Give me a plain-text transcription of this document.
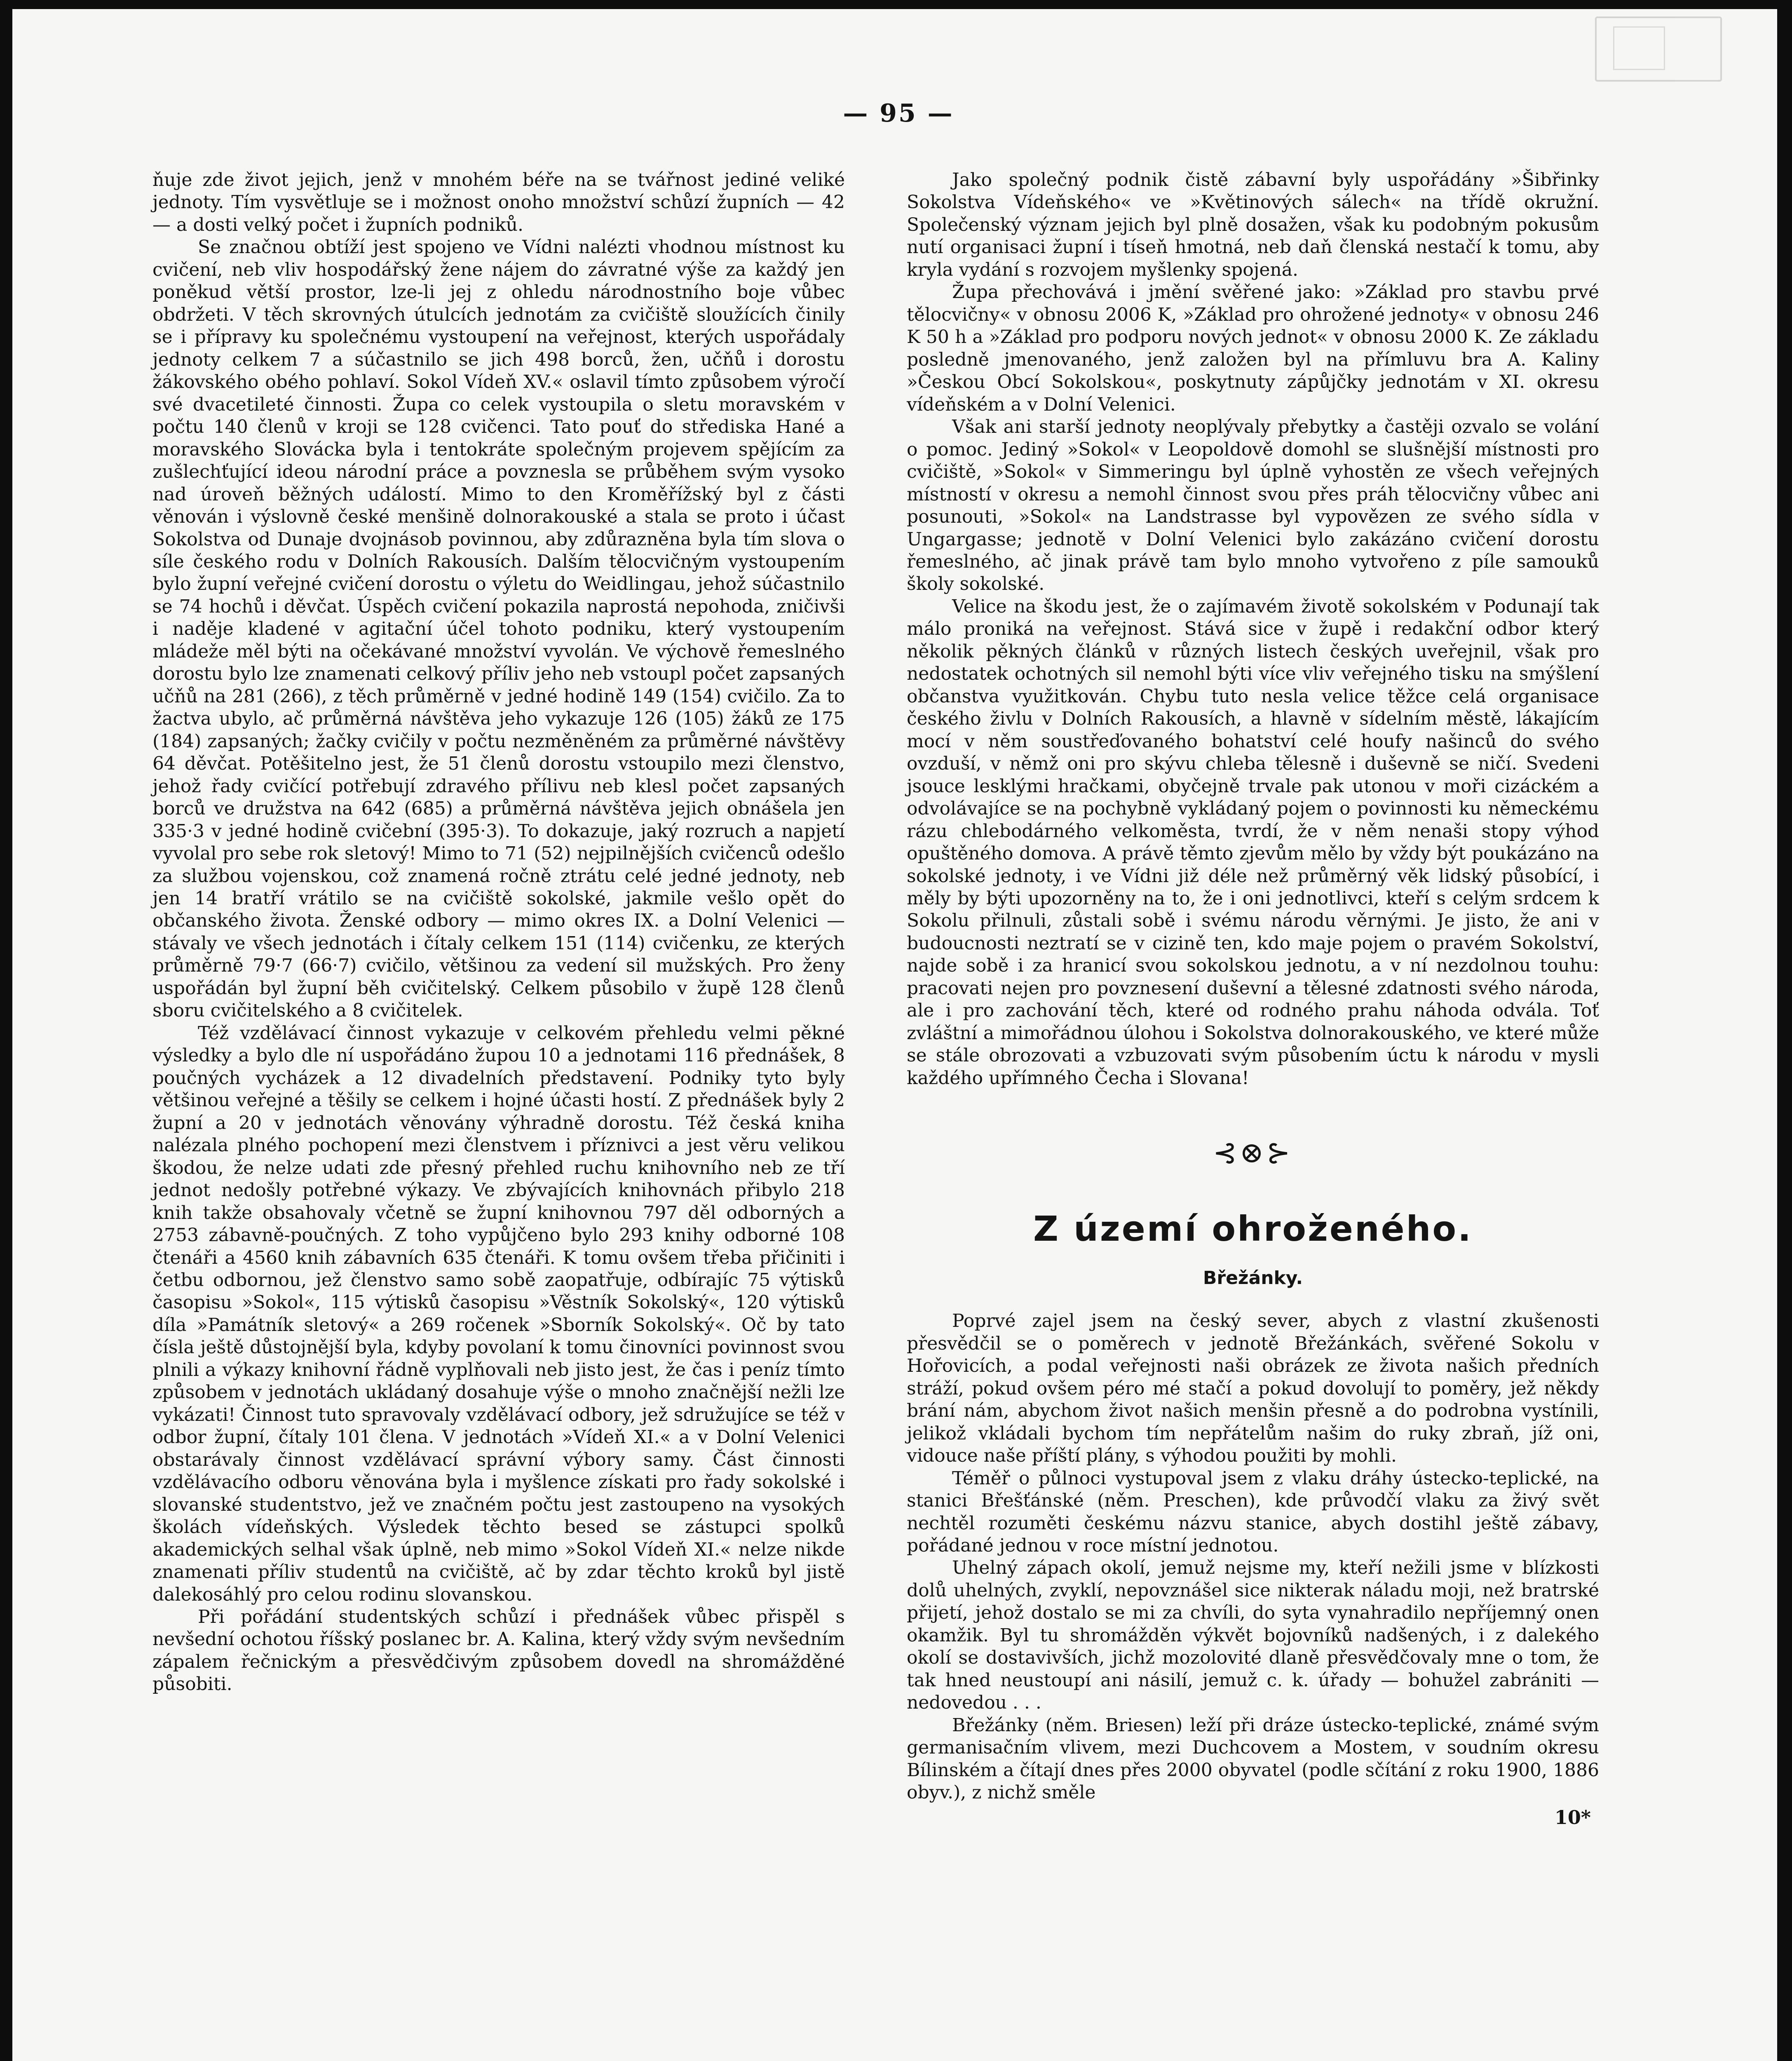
— 95 —

ňuje zde život jejich, jenž v mnohém béře na se tvářnost jediné veliké jednoty. Tím vysvětluje se i možnost onoho množství schůzí župních — 42 — a dosti velký počet i župních podniků.

Se značnou obtíží jest spojeno ve Vídni nalézti vhodnou místnost ku cvičení, neb vliv hospodářský žene nájem do závratné výše za každý jen poněkud větší prostor, lze-li jej z ohledu národnostního boje vůbec obdržeti. V těch skrovných útulcích jednotám za cvičiště sloužících činily se i přípravy ku společnému vystoupení na veřejnost, kterých uspořádaly jednoty celkem 7 a súčastnilo se jich 498 borců, žen, učňů i dorostu žákovského obého pohlaví. Sokol Vídeň XV.« oslavil tímto způsobem výročí své dvacetileté činnosti. Župa co celek vystoupila o sletu moravském v počtu 140 členů v kroji se 128 cvičenci. Tato pouť do střediska Hané a moravského Slovácka byla i tentokráte společným projevem spějícím za zušlechťující ideou národní práce a povznesla se průběhem svým vysoko nad úroveň běžných událostí. Mimo to den Kroměřížský byl z části věnován i výslovně české menšině dolnorakouské a stala se proto i účast Sokolstva od Dunaje dvojnásob povinnou, aby zdůrazněna byla tím slova o síle českého rodu v Dolních Rakousích. Dalším tělocvičným vystoupením bylo župní veřejné cvičení dorostu o výletu do Weidlingau, jehož súčastnilo se 74 hochů i děvčat. Úspěch cvičení pokazila naprostá nepohoda, zničivši i naděje kladené v agitační účel tohoto podniku, který vystoupením mládeže měl býti na očekávané množství vyvolán. Ve výchově řemeslného dorostu bylo lze znamenati celkový příliv jeho neb vstoupl počet zapsaných učňů na 281 (266), z těch průměrně v jedné hodině 149 (154) cvičilo. Za to žactva ubylo, ač průměrná návštěva jeho vykazuje 126 (105) žáků ze 175 (184) zapsaných; žačky cvičily v počtu nezměněném za průměrné návštěvy 64 děvčat. Potěšitelno jest, že 51 členů dorostu vstoupilo mezi členstvo, jehož řady cvičící potřebují zdravého přílivu neb klesl počet zapsaných borců ve družstva na 642 (685) a průměrná návštěva jejich obnášela jen 335·3 v jedné hodině cvičební (395·3). To dokazuje, jaký rozruch a napjetí vyvolal pro sebe rok sletový! Mimo to 71 (52) nejpilnějších cvičenců odešlo za službou vojenskou, což znamená ročně ztrátu celé jedné jednoty, neb jen 14 bratří vrátilo se na cvičiště sokolské, jakmile vešlo opět do občanského života. Ženské odbory — mimo okres IX. a Dolní Velenici — stávaly ve všech jednotách i čítaly celkem 151 (114) cvičenku, ze kterých průměrně 79·7 (66·7) cvičilo, většinou za vedení sil mužských. Pro ženy uspořádán byl župní běh cvičitelský. Celkem působilo v župě 128 členů sboru cvičitelského a 8 cvičitelek.

Též vzdělávací činnost vykazuje v celkovém přehledu velmi pěkné výsledky a bylo dle ní uspořádáno župou 10 a jednotami 116 přednášek, 8 poučných vycházek a 12 divadelních představení. Podniky tyto byly většinou veřejné a těšily se celkem i hojné účasti hostí. Z přednášek byly 2 župní a 20 v jednotách věnovány výhradně dorostu. Též česká kniha nalézala plného pochopení mezi členstvem i příznivci a jest věru velikou škodou, že nelze udati zde přesný přehled ruchu knihovního neb ze tří jednot nedošly potřebné výkazy. Ve zbývajících knihovnách přibylo 218 knih takže obsahovaly včetně se župní knihovnou 797 děl odborných a 2753 zábavně-poučných. Z toho vypůjčeno bylo 293 knihy odborné 108 čtenáři a 4560 knih zábavních 635 čtenáři. K tomu ovšem třeba přičiniti i četbu odbornou, jež členstvo samo sobě zaopatřuje, odbírajíc 75 výtisků časopisu »Sokol«, 115 výtisků časopisu »Věstník Sokolský«, 120 výtisků díla »Památník sletový« a 269 ročenek »Sborník Sokolský«. Oč by tato čísla ještě důstojnější byla, kdyby povolaní k tomu činovníci povinnost svou plnili a výkazy knihovní řádně vyplňovali neb jisto jest, že čas i peníz tímto způsobem v jednotách ukládaný dosahuje výše o mnoho značnější nežli lze vykázati! Činnost tuto spravovaly vzdělávací odbory, jež sdružujíce se též v odbor župní, čítaly 101 člena. V jednotách »Vídeň XI.« a v Dolní Velenici obstarávaly činnost vzdělávací správní výbory samy. Část činnosti vzdělávacího odboru věnována byla i myšlence získati pro řady sokolské i slovanské studentstvo, jež ve značném počtu jest zastoupeno na vysokých školách vídeňských. Výsledek těchto besed se zástupci spolků akademických selhal však úplně, neb mimo »Sokol Vídeň XI.« nelze nikde znamenati příliv studentů na cvičiště, ač by zdar těchto kroků byl jistě dalekosáhlý pro celou rodinu slovanskou.

Při pořádání studentských schůzí i přednášek vůbec přispěl s nevšední ochotou říšský poslanec br. A. Kalina, který vždy svým nevšedním zápalem řečnickým a přesvědčivým způsobem dovedl na shromážděné působiti.

Jako společný podnik čistě zábavní byly uspořádány »Šibřinky Sokolstva Vídeňského« ve »Květinových sálech« na třídě okružní. Společenský význam jejich byl plně dosažen, však ku podobným pokusům nutí organisaci župní i tíseň hmotná, neb daň členská nestačí k tomu, aby kryla vydání s rozvojem myšlenky spojená.

Župa přechovává i jmění svěřené jako: »Základ pro stavbu prvé tělocvičny« v obnosu 2006 K, »Základ pro ohrožené jednoty« v obnosu 246 K 50 h a »Základ pro podporu nových jednot« v obnosu 2000 K. Ze základu posledně jmenovaného, jenž založen byl na přímluvu bra A. Kaliny »Českou Obcí Sokolskou«, poskytnuty zápůjčky jednotám v XI. okresu vídeňském a v Dolní Velenici.

Však ani starší jednoty neoplývaly přebytky a častěji ozvalo se volání o pomoc. Jediný »Sokol« v Leopoldově domohl se slušnější místnosti pro cvičiště, »Sokol« v Simmeringu byl úplně vyhostěn ze všech veřejných místností v okresu a nemohl činnost svou přes práh tělocvičny vůbec ani posunouti, »Sokol« na Landstrasse byl vypovězen ze svého sídla v Ungargasse; jednotě v Dolní Velenici bylo zakázáno cvičení dorostu řemeslného, ač jinak právě tam bylo mnoho vytvořeno z píle samouků školy sokolské.

Velice na škodu jest, že o zajímavém životě sokolském v Podunají tak málo proniká na veřejnost. Stává sice v župě i redakční odbor který několik pěkných článků v různých listech českých uveřejnil, však pro nedostatek ochotných sil nemohl býti více vliv veřejného tisku na smýšlení občanstva využitkován. Chybu tuto nesla velice těžce celá organisace českého živlu v Dolních Rakousích, a hlavně v sídelním městě, lákajícím mocí v něm soustřeďovaného bohatství celé houfy našinců do svého ovzduší, v němž oni pro skývu chleba tělesně i duševně se ničí. Svedeni jsouce lesklými hračkami, obyčejně trvale pak utonou v moři cizáckém a odvolávajíce se na pochybně vykládaný pojem o povinnosti ku německému rázu chlebodárného velkoměsta, tvrdí, že v něm nenaši stopy výhod opuštěného domova. A právě těmto zjevům mělo by vždy být poukázáno na sokolské jednoty, i ve Vídni již déle než průměrný věk lidský působící, i měly by býti upozorněny na to, že i oni jednotlivci, kteří s celým srdcem k Sokolu přilnuli, zůstali sobě i svému národu věrnými. Je jisto, že ani v budoucnosti neztratí se v cizině ten, kdo maje pojem o pravém Sokolství, najde sobě i za hranicí svou sokolskou jednotu, a v ní nezdolnou touhu: pracovati nejen pro povznesení duševní a tělesné zdatnosti svého národa, ale i pro zachování těch, které od rodného prahu náhoda odvála. Toť zvláštní a mimořádnou úlohou i Sokolstva dolnorakouského, ve které může se stále obrozovati a vzbuzovati svým působením úctu k národu v mysli každého upřímného Čecha i Slovana!

⊰⊗⊱
Z území ohroženého.
Břežánky.

Poprvé zajel jsem na český sever, abych z vlastní zkušenosti přesvědčil se o poměrech v jednotě Břežánkách, svěřené Sokolu v Hořovicích, a podal veřejnosti naši obrázek ze života našich předních stráží, pokud ovšem péro mé stačí a pokud dovolují to poměry, jež někdy brání nám, abychom život našich menšin přesně a do podrobna vystínili, jelikož vkládali bychom tím nepřátelům našim do ruky zbraň, jíž oni, vidouce naše příští plány, s výhodou použiti by mohli.

Téměř o půlnoci vystupoval jsem z vlaku dráhy ústecko-teplické, na stanici Břešťánské (něm. Preschen), kde průvodčí vlaku za živý svět nechtěl rozuměti českému názvu stanice, abych dostihl ještě zábavy, pořádané jednou v roce místní jednotou.

Uhelný zápach okolí, jemuž nejsme my, kteří nežili jsme v blízkosti dolů uhelných, zvyklí, nepovznášel sice nikterak náladu moji, než bratrské přijetí, jehož dostalo se mi za chvíli, do syta vynahradilo nepříjemný onen okamžik. Byl tu shromážděn výkvět bojovníků nadšených, i z dalekého okolí se dostavivších, jichž mozolovité dlaně přesvědčovaly mne o tom, že tak hned neustoupí ani násilí, jemuž c. k. úřady — bohužel zabrániti — nedovedou . . .

Břežánky (něm. Briesen) leží při dráze ústecko-teplické, známé svým germanisačním vlivem, mezi Duchcovem a Mostem, v soudním okresu Bílinském a čítají dnes přes 2000 obyvatel (podle sčítání z roku 1900, 1886 obyv.), z nichž směle

10*
